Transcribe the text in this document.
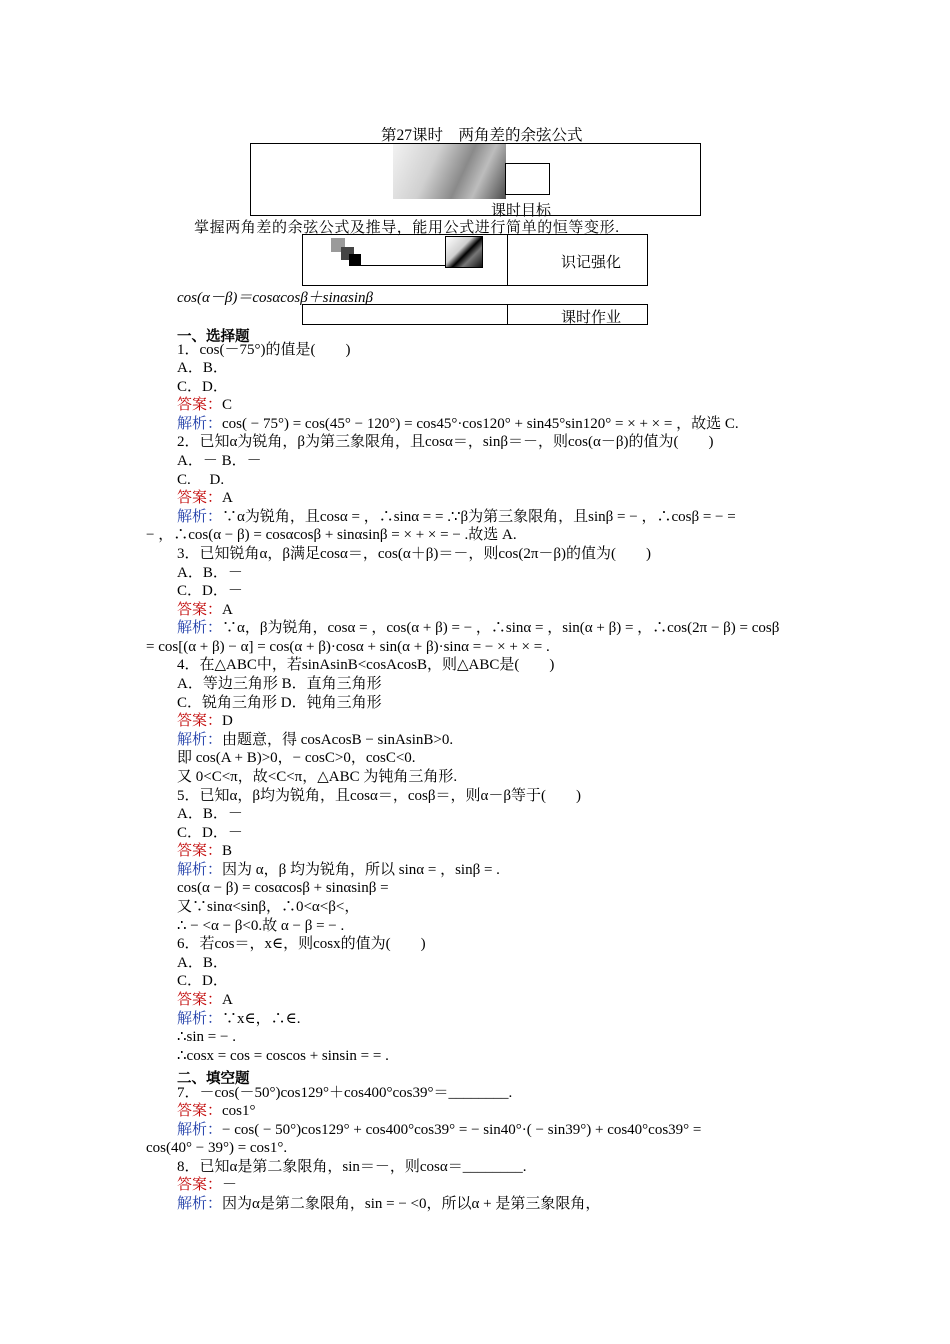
第27课时　两角差的余弦公式
课时目标
掌握两角差的余弦公式及推导，能用公式进行简单的恒等变形.
识记强化
cos(α－β)＝cosαcosβ＋sinαsinβ
课时作业
一、选择题
二、填空题
1．cos(－75°)的值是(　　)
A．B．
C．D．
答案：C
解析：cos( − 75°) = cos(45° − 120°) = cos45°·cos120° + sin45°sin120° = × + × = ，故选 C.
2．已知α为锐角，β为第三象限角，且cosα＝，sinβ＝－，则cos(α－β)的值为(　　)
A．－ B．－
C.　 D.
答案：A
解析：∵α为锐角，且cosα = ，∴sinα = = .∵β为第三象限角，且sinβ = − ，∴cosβ = − =
− ，∴cos(α − β) = cosαcosβ + sinαsinβ = × + × = − .故选 A.
3．已知锐角α，β满足cosα＝，cos(α＋β)＝－，则cos(2π－β)的值为(　　)
A．B．－
C．D．－
答案：A
解析：∵α，β为锐角，cosα = ，cos(α + β) = − ，∴sinα = ，sin(α + β) = ，∴cos(2π − β) = cosβ
= cos[(α + β) − α] = cos(α + β)·cosα + sin(α + β)·sinα = − × + × = .
4．在△ABC中，若sinAsinB<cosAcosB，则△ABC是(　　)
A．等边三角形 B．直角三角形
C．锐角三角形 D．钝角三角形
答案：D
解析：由题意，得 cosAcosB − sinAsinB>0.
即 cos(A + B)>0，− cosC>0，cosC<0.
又 0<C<π，故<C<π，△ABC 为钝角三角形.
5．已知α，β均为锐角，且cosα＝，cosβ＝，则α－β等于(　　)
A．B．－
C．D．－
答案：B
解析：因为 α，β 均为锐角，所以 sinα = ，sinβ = .
cos(α − β) = cosαcosβ + sinαsinβ =
又∵sinα<sinβ，∴0<α<β<，
∴ − <α − β<0.故 α − β = − .
6．若cos＝，x∈，则cosx的值为(　　)
A．B．
C．D．
答案：A
解析：∵x∈，∴∈.
∴sin = − .
∴cosx = cos = coscos + sinsin = = .
7．－cos(－50°)cos129°＋cos400°cos39°＝________.
答案：cos1°
解析：− cos( − 50°)cos129° + cos400°cos39° = − sin40°·( − sin39°) + cos40°cos39° =
cos(40° − 39°) = cos1°.
8．已知α是第二象限角，sin＝－，则cosα＝________.
答案：－
解析：因为α是第二象限角，sin = − <0，所以α + 是第三象限角，
